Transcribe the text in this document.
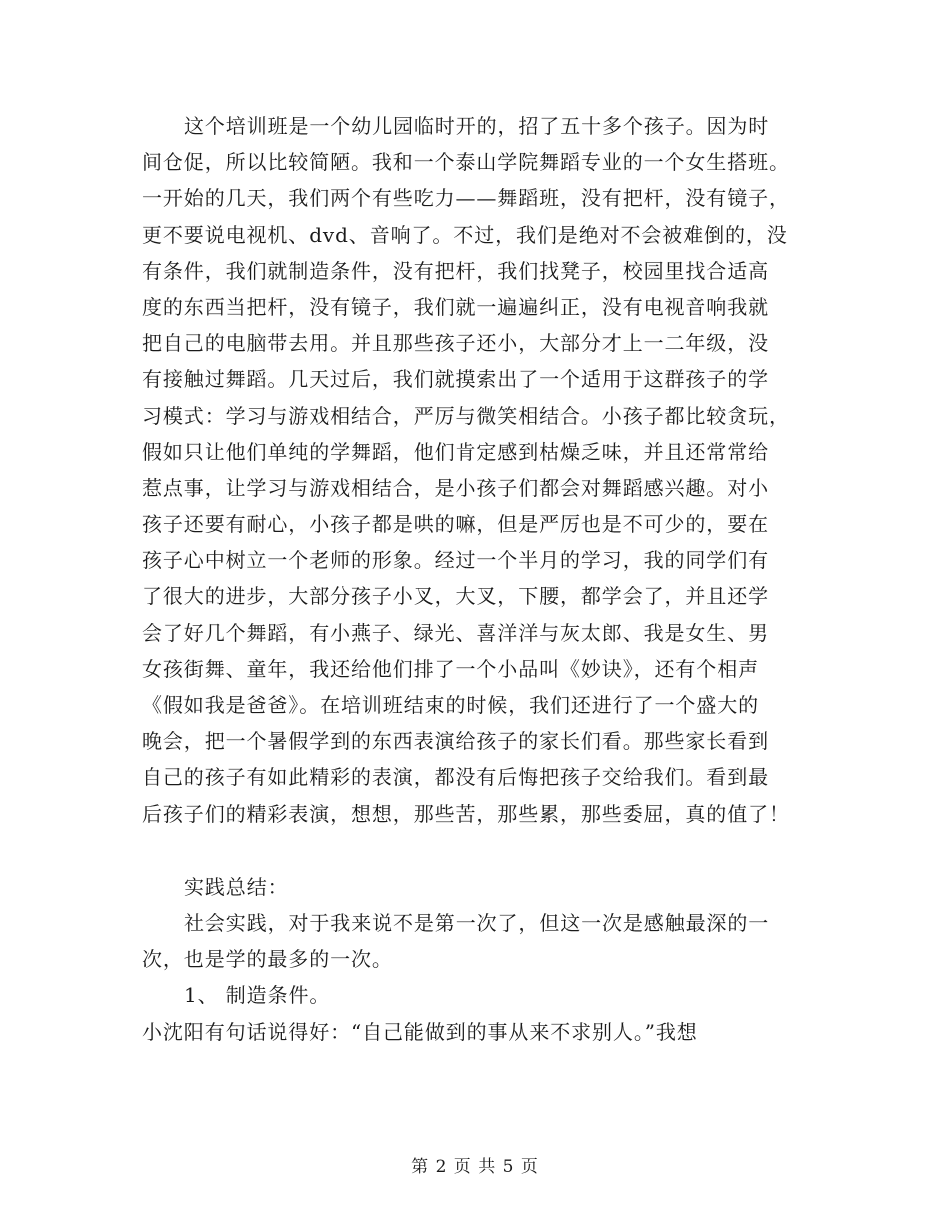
这个培训班是一个幼儿园临时开的，招了五十多个孩子。因为时
间仓促，所以比较简陋。我和一个泰山学院舞蹈专业的一个女生搭班。
一开始的几天，我们两个有些吃力——舞蹈班，没有把杆，没有镜子，
更不要说电视机、dvd、音响了。不过，我们是绝对不会被难倒的，没
有条件，我们就制造条件，没有把杆，我们找凳子，校园里找合适高
度的东西当把杆，没有镜子，我们就一遍遍纠正，没有电视音响我就
把自己的电脑带去用。并且那些孩子还小，大部分才上一二年级，没
有接触过舞蹈。几天过后，我们就摸索出了一个适用于这群孩子的学
习模式：学习与游戏相结合，严厉与微笑相结合。小孩子都比较贪玩，
假如只让他们单纯的学舞蹈，他们肯定感到枯燥乏味，并且还常常给
惹点事，让学习与游戏相结合，是小孩子们都会对舞蹈感兴趣。对小
孩子还要有耐心，小孩子都是哄的嘛，但是严厉也是不可少的，要在
孩子心中树立一个老师的形象。经过一个半月的学习，我的同学们有
了很大的进步，大部分孩子小叉，大叉，下腰，都学会了，并且还学
会了好几个舞蹈，有小燕子、绿光、喜洋洋与灰太郎、我是女生、男
女孩街舞、童年，我还给他们排了一个小品叫《妙诀》，还有个相声
《假如我是爸爸》。在培训班结束的时候，我们还进行了一个盛大的
晚会，把一个暑假学到的东西表演给孩子的家长们看。那些家长看到
自己的孩子有如此精彩的表演，都没有后悔把孩子交给我们。看到最
后孩子们的精彩表演，想想，那些苦，那些累，那些委屈，真的值了！
实践总结：
社会实践，对于我来说不是第一次了，但这一次是感触最深的一
次，也是学的最多的一次。
1、 制造条件。
小沈阳有句话说得好：“自己能做到的事从来不求别人。”我想
第 2 页 共 5 页
